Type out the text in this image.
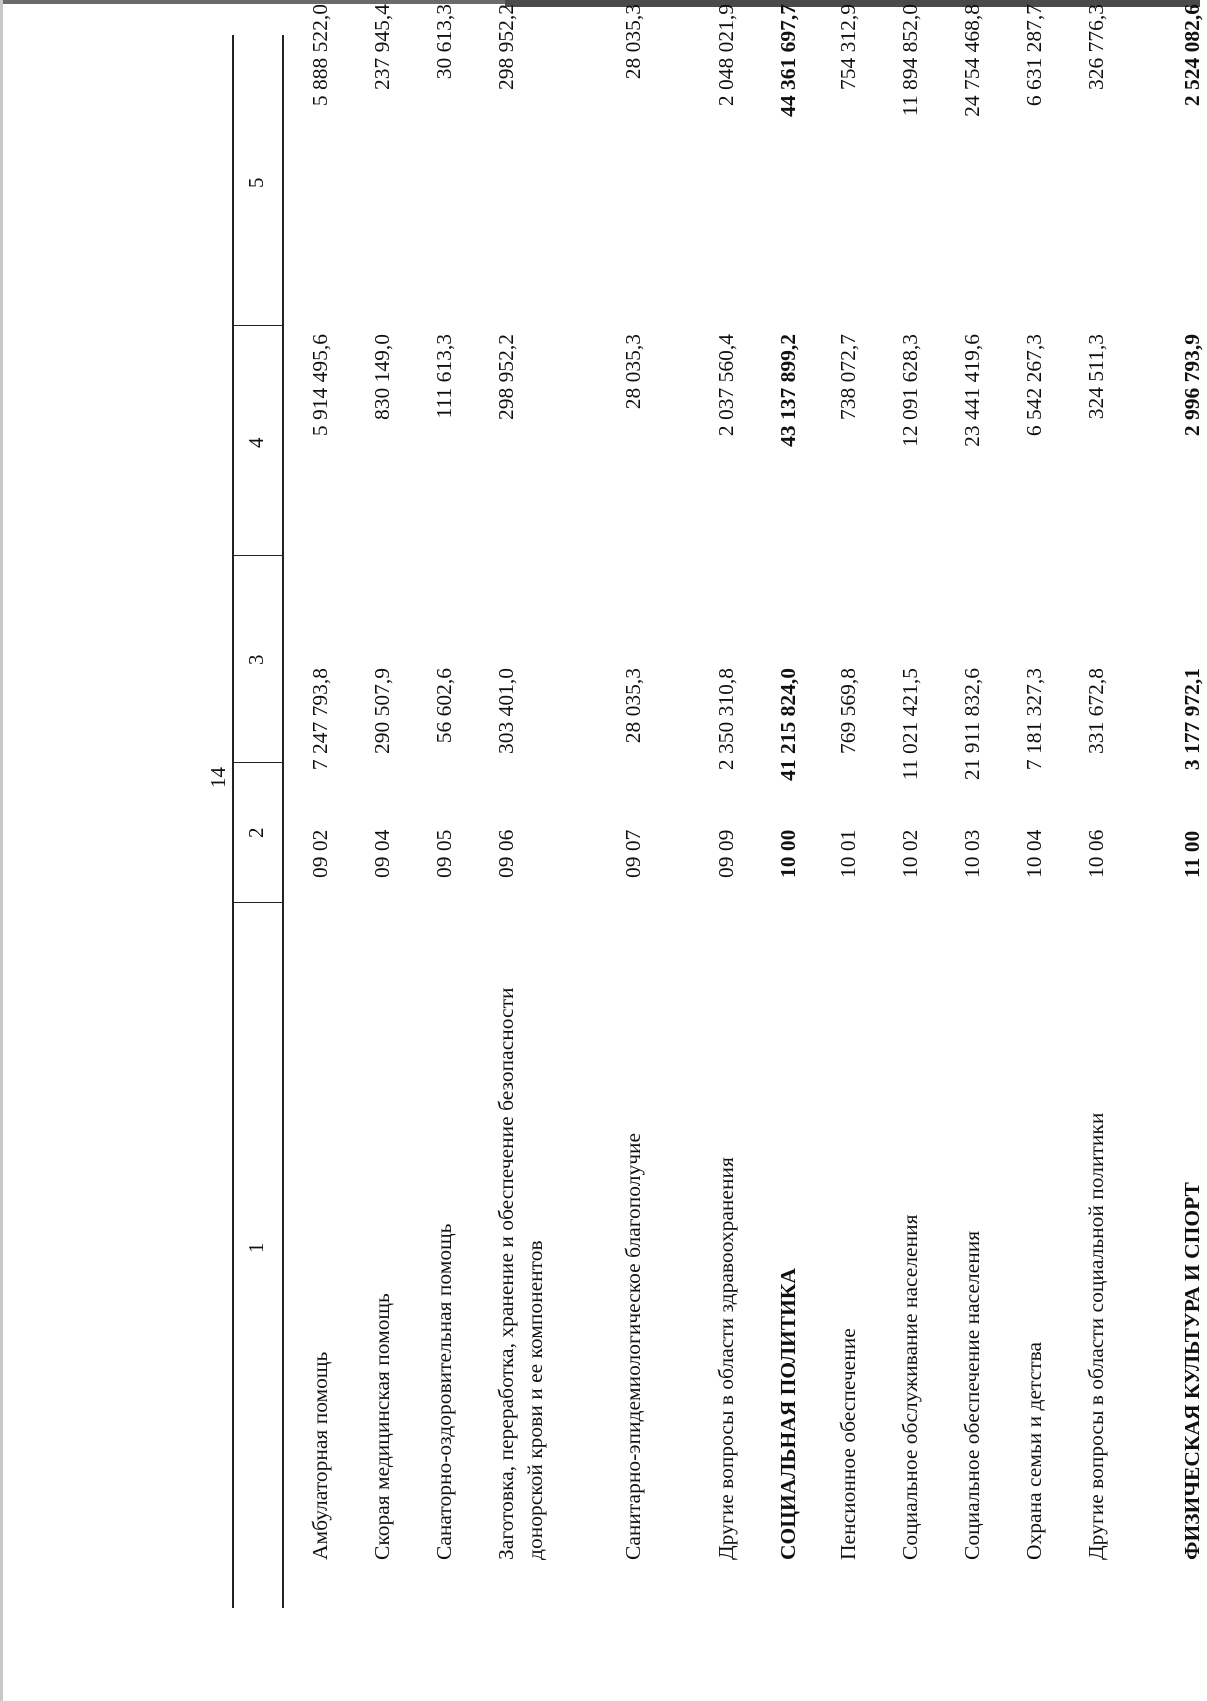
14
1
2
3
4
5
Амбулаторная помощь
09 02
7 247 793,8
5 914 495,6
5 888 522,0
Скорая медицинская помощь
09 04
290 507,9
830 149,0
237 945,4
Санаторно-оздоровительная помощь
09 05
56 602,6
111 613,3
30 613,3
Заготовка, переработка, хранение и обеспечение безопасности донорской крови и ее компонентов
09 06
303 401,0
298 952,2
298 952,2
Санитарно-эпидемиологическое благополучие
09 07
28 035,3
28 035,3
28 035,3
Другие вопросы в области здравоохранения
09 09
2 350 310,8
2 037 560,4
2 048 021,9
СОЦИАЛЬНАЯ ПОЛИТИКА
10 00
41 215 824,0
43 137 899,2
44 361 697,7
Пенсионное обеспечение
10 01
769 569,8
738 072,7
754 312,9
Социальное обслуживание населения
10 02
11 021 421,5
12 091 628,3
11 894 852,0
Социальное обеспечение населения
10 03
21 911 832,6
23 441 419,6
24 754 468,8
Охрана семьи и детства
10 04
7 181 327,3
6 542 267,3
6 631 287,7
Другие вопросы в области социальной политики
10 06
331 672,8
324 511,3
326 776,3
ФИЗИЧЕСКАЯ КУЛЬТУРА И СПОРТ
11 00
3 177 972,1
2 996 793,9
2 524 082,6
